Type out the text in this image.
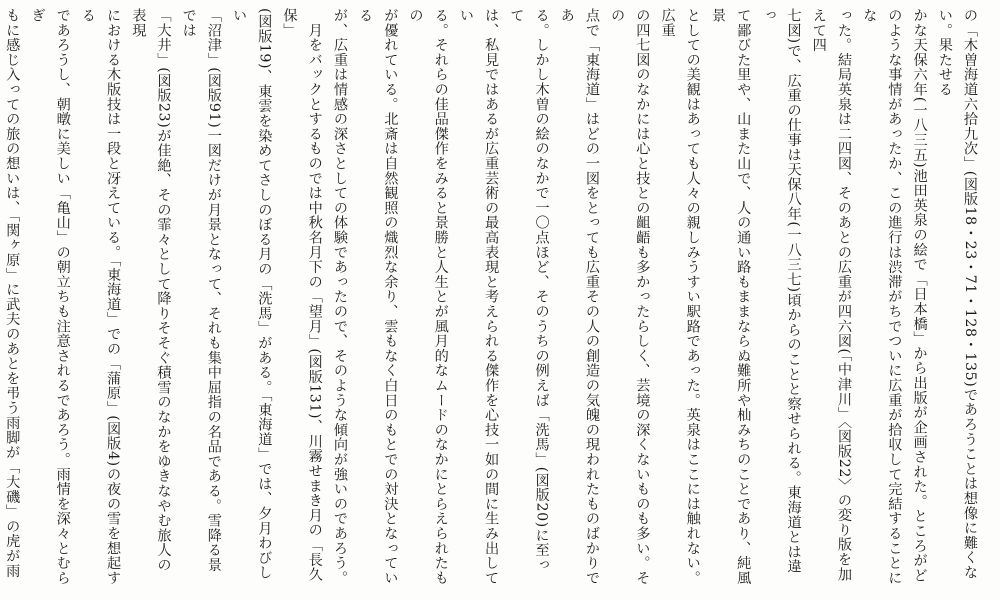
の「木曽海道六拾九次」(図版18・23・71・128・135)であろうことは想像に難くない。果たせる
かな天保六年(一八三五)池田英泉の絵で「日本橋」から出版が企画された。ところがど
のような事情があったか、この進行は渋滞がちでついに広重が拾収して完結することにな
った。結局英泉は二四図、そのあとの広重が四六図(「中津川」〈図版22〉の変り版を加えて四
七図)で、広重の仕事は天保八年(一八三七)頃からのことと察せられる。東海道とは違っ
て鄙びた里や、山また山で、人の通い路もままならぬ難所や杣みちのことであり、純風景
としての美観はあっても人々の親しみうすい駅路であった。英泉はここには触れない。広重
の四七図のなかには心と技との齟齬も多かったらしく、芸境の深くないものも多い。その
点で「東海道」はどの一図をとっても広重その人の創造の気魄の現われたものばかりであ
る。しかし木曽の絵のなかで一〇点ほど、そのうちの例えば「洗馬」(図版20)に至って
は、私見ではあるが広重芸術の最高表現と考えられる傑作を心技一如の間に生み出してい
る。それらの佳品傑作をみると景勝と人生とが風月的なムードのなかにとらえられたもの
が優れている。北斎は自然観照の熾烈な余り、雲もなく白日のもとでの対決となっている
が、広重は情感の深さとしての体験であったので、そのような傾向が強いのであろう。
　月をバックとするものでは中秋名月下の「望月」(図版131)、川霧せまき月の「長久保」
(図版19)、東雲を染めてさしのぼる月の「洗馬」がある。「東海道」では、夕月わびしい
「沼津」(図版91)一図だけが月景となって、それも集中屈指の名品である。雪降る景では
「大井」(図版23)が佳絶、その霏々として降りそそぐ積雪のなかをゆきなやむ旅人の表現
における木版技は一段と冴えている。「東海道」での「蒲原」(図版4)の夜の雪を想起する
であろうし、朝暾に美しい「亀山」の朝立ちも注意されるであろう。雨情を深々とむらぎ
もに感じ入っての旅の想いは、「関ヶ原」に武夫のあとを弔う雨脚が「大磯」の虎が雨
